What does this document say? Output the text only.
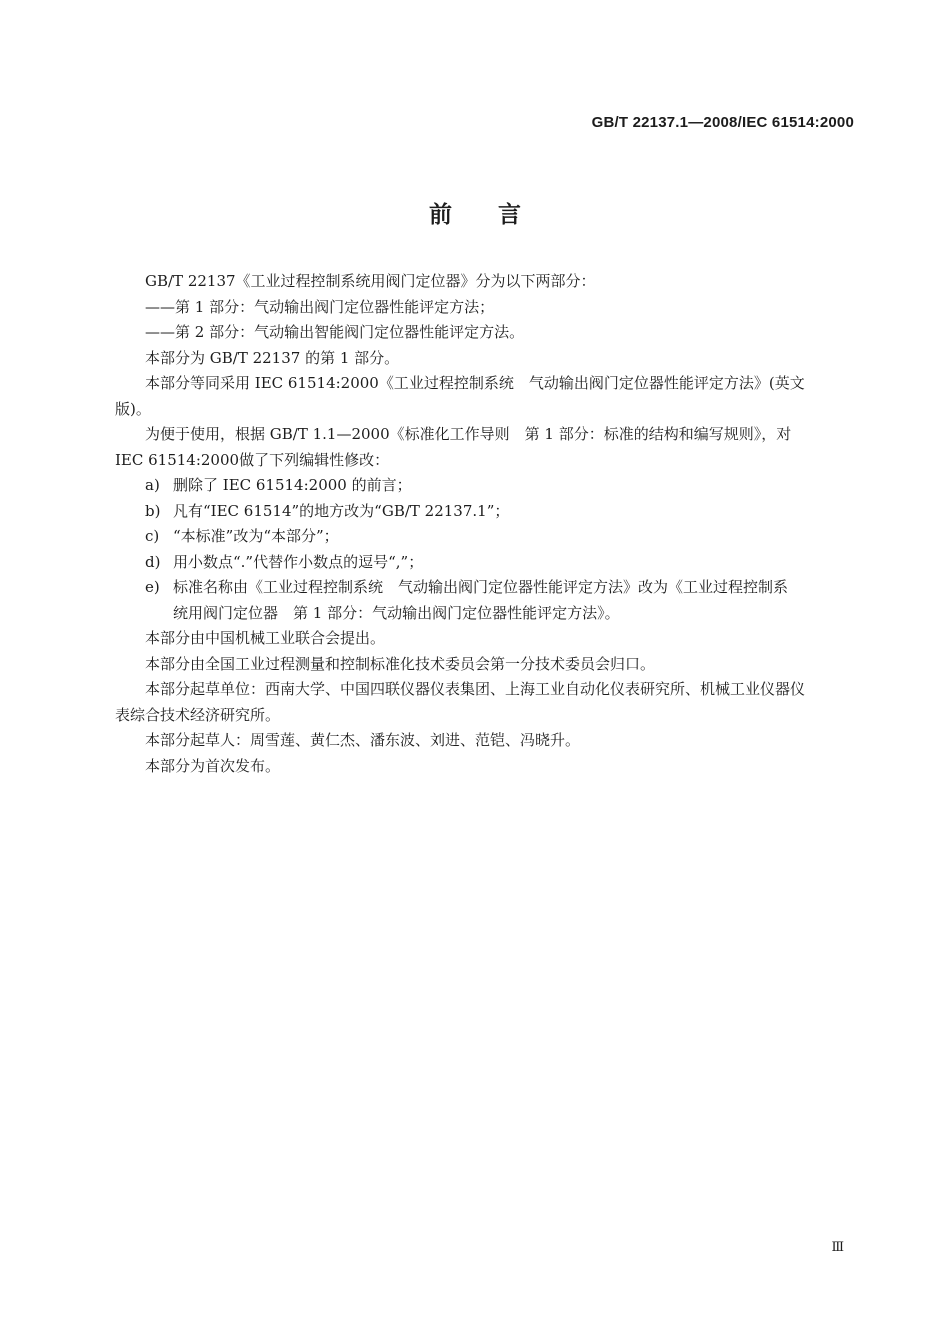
GB/T 22137.1—2008/IEC 61514:2000
前言

GB/T 22137《工业过程控制系统用阀门定位器》分为以下两部分：

——第 1 部分：气动输出阀门定位器性能评定方法；
——第 2 部分：气动输出智能阀门定位器性能评定方法。

本部分为 GB/T 22137 的第 1 部分。

本部分等同采用 IEC 61514:2000《工业过程控制系统　气动输出阀门定位器性能评定方法》(英文

版)。

为便于使用，根据 GB/T 1.1—2000《标准化工作导则　第 1 部分：标准的结构和编写规则》，对

IEC 61514:2000做了下列编辑性修改：

a) 删除了 IEC 61514:2000 的前言；
b) 凡有“IEC 61514”的地方改为“GB/T 22137.1”；
c) “本标准”改为“本部分”；
d) 用小数点“.”代替作小数点的逗号“,”；
e) 标准名称由《工业过程控制系统　气动输出阀门定位器性能评定方法》改为《工业过程控制系
统用阀门定位器　第 1 部分：气动输出阀门定位器性能评定方法》。

本部分由中国机械工业联合会提出。

本部分由全国工业过程测量和控制标准化技术委员会第一分技术委员会归口。

本部分起草单位：西南大学、中国四联仪器仪表集团、上海工业自动化仪表研究所、机械工业仪器仪

表综合技术经济研究所。

本部分起草人：周雪莲、黄仁杰、潘东波、刘进、范铠、冯晓升。

本部分为首次发布。

Ⅲ
